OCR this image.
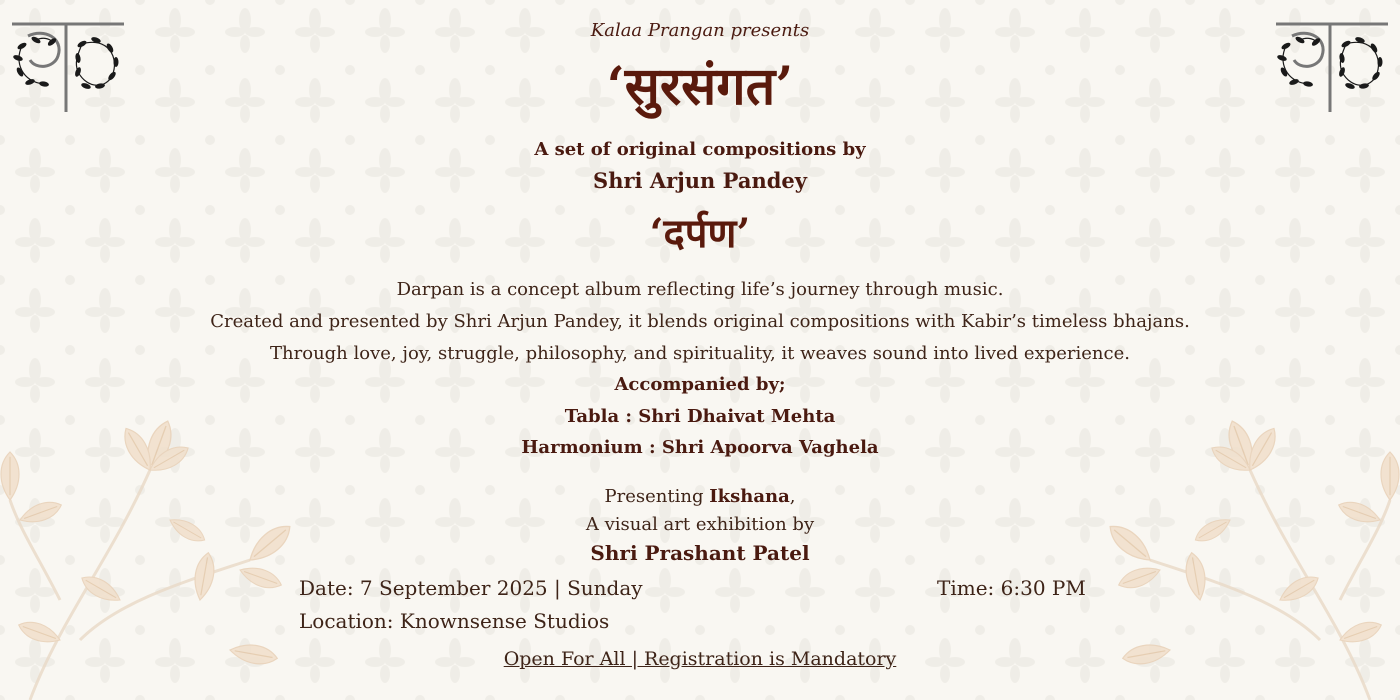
Kalaa Prangan presents
‘सुरसंगत’
A set of original compositions by
Shri Arjun Pandey
‘दर्पण’
Darpan is a concept album reflecting life’s journey through music.
Created and presented by Shri Arjun Pandey, it blends original compositions with Kabir’s timeless bhajans.
Through love, joy, struggle, philosophy, and spirituality, it weaves sound into lived experience.
Accompanied by;
Tabla : Shri Dhaivat Mehta
Harmonium : Shri Apoorva Vaghela
Presenting Ikshana,
A visual art exhibition by
Shri Prashant Patel
Date: 7 September 2025 | Sunday	Time: 6:30 PM
Location: Knownsense Studios
Open For All | Registration is Mandatory
